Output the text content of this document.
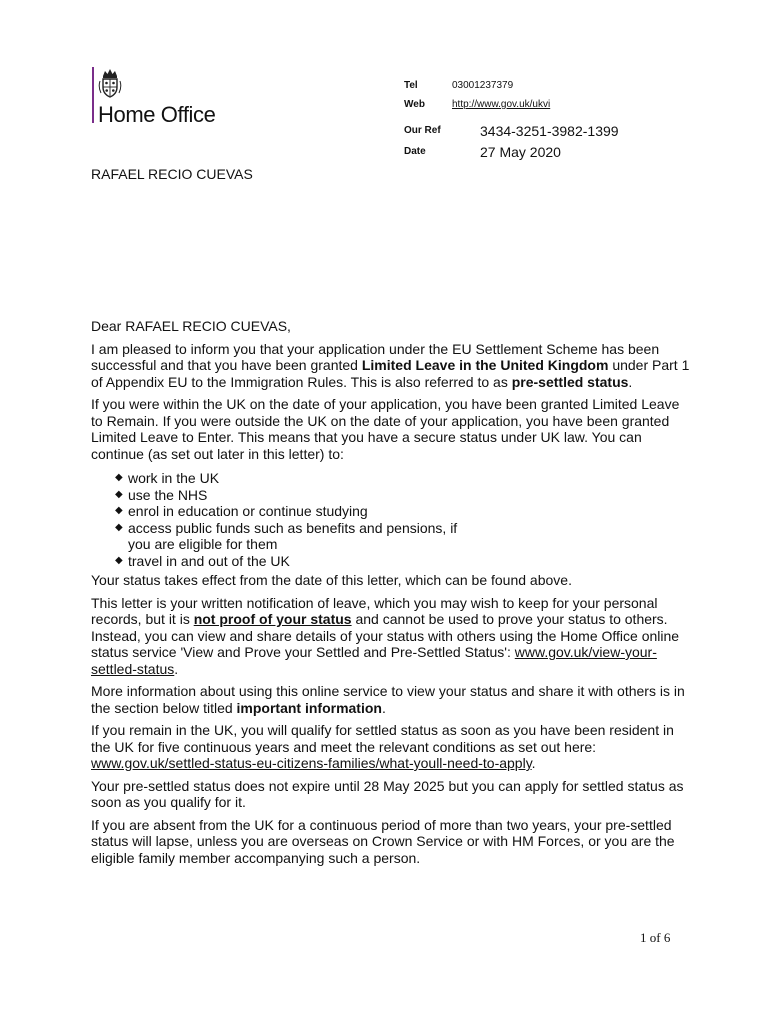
Home Office
Tel	03001237379
Web	http://www.gov.uk/ukvi
Our Ref	3434-3251-3982-1399
Date	27 May 2020
RAFAEL RECIO CUEVAS

Dear RAFAEL RECIO CUEVAS,

I am pleased to inform you that your application under the EU Settlement Scheme has been successful and that you have been granted Limited Leave in the United Kingdom under Part 1 of Appendix EU to the Immigration Rules. This is also referred to as pre-settled status.

If you were within the UK on the date of your application, you have been granted Limited Leave to Remain. If you were outside the UK on the date of your application, you have been granted Limited Leave to Enter. This means that you have a secure status under UK law. You can continue (as set out later in this letter) to:

◆ work in the UK
◆ use the NHS
◆ enrol in education or continue studying
◆ access public funds such as benefits and pensions, if
you are eligible for them
◆ travel in and out of the UK

Your status takes effect from the date of this letter, which can be found above.

This letter is your written notification of leave, which you may wish to keep for your personal records, but it is not proof of your status and cannot be used to prove your status to others. Instead, you can view and share details of your status with others using the Home Office online status service 'View and Prove your Settled and Pre-Settled Status': www.gov.uk/view-your-settled-status.

More information about using this online service to view your status and share it with others is in the section below titled important information.

If you remain in the UK, you will qualify for settled status as soon as you have been resident in the UK for five continuous years and meet the relevant conditions as set out here: www.gov.uk/settled-status-eu-citizens-families/what-youll-need-to-apply.

Your pre-settled status does not expire until 28 May 2025 but you can apply for settled status as soon as you qualify for it.

If you are absent from the UK for a continuous period of more than two years, your pre-settled status will lapse, unless you are overseas on Crown Service or with HM Forces, or you are the eligible family member accompanying such a person.

1 of 6
